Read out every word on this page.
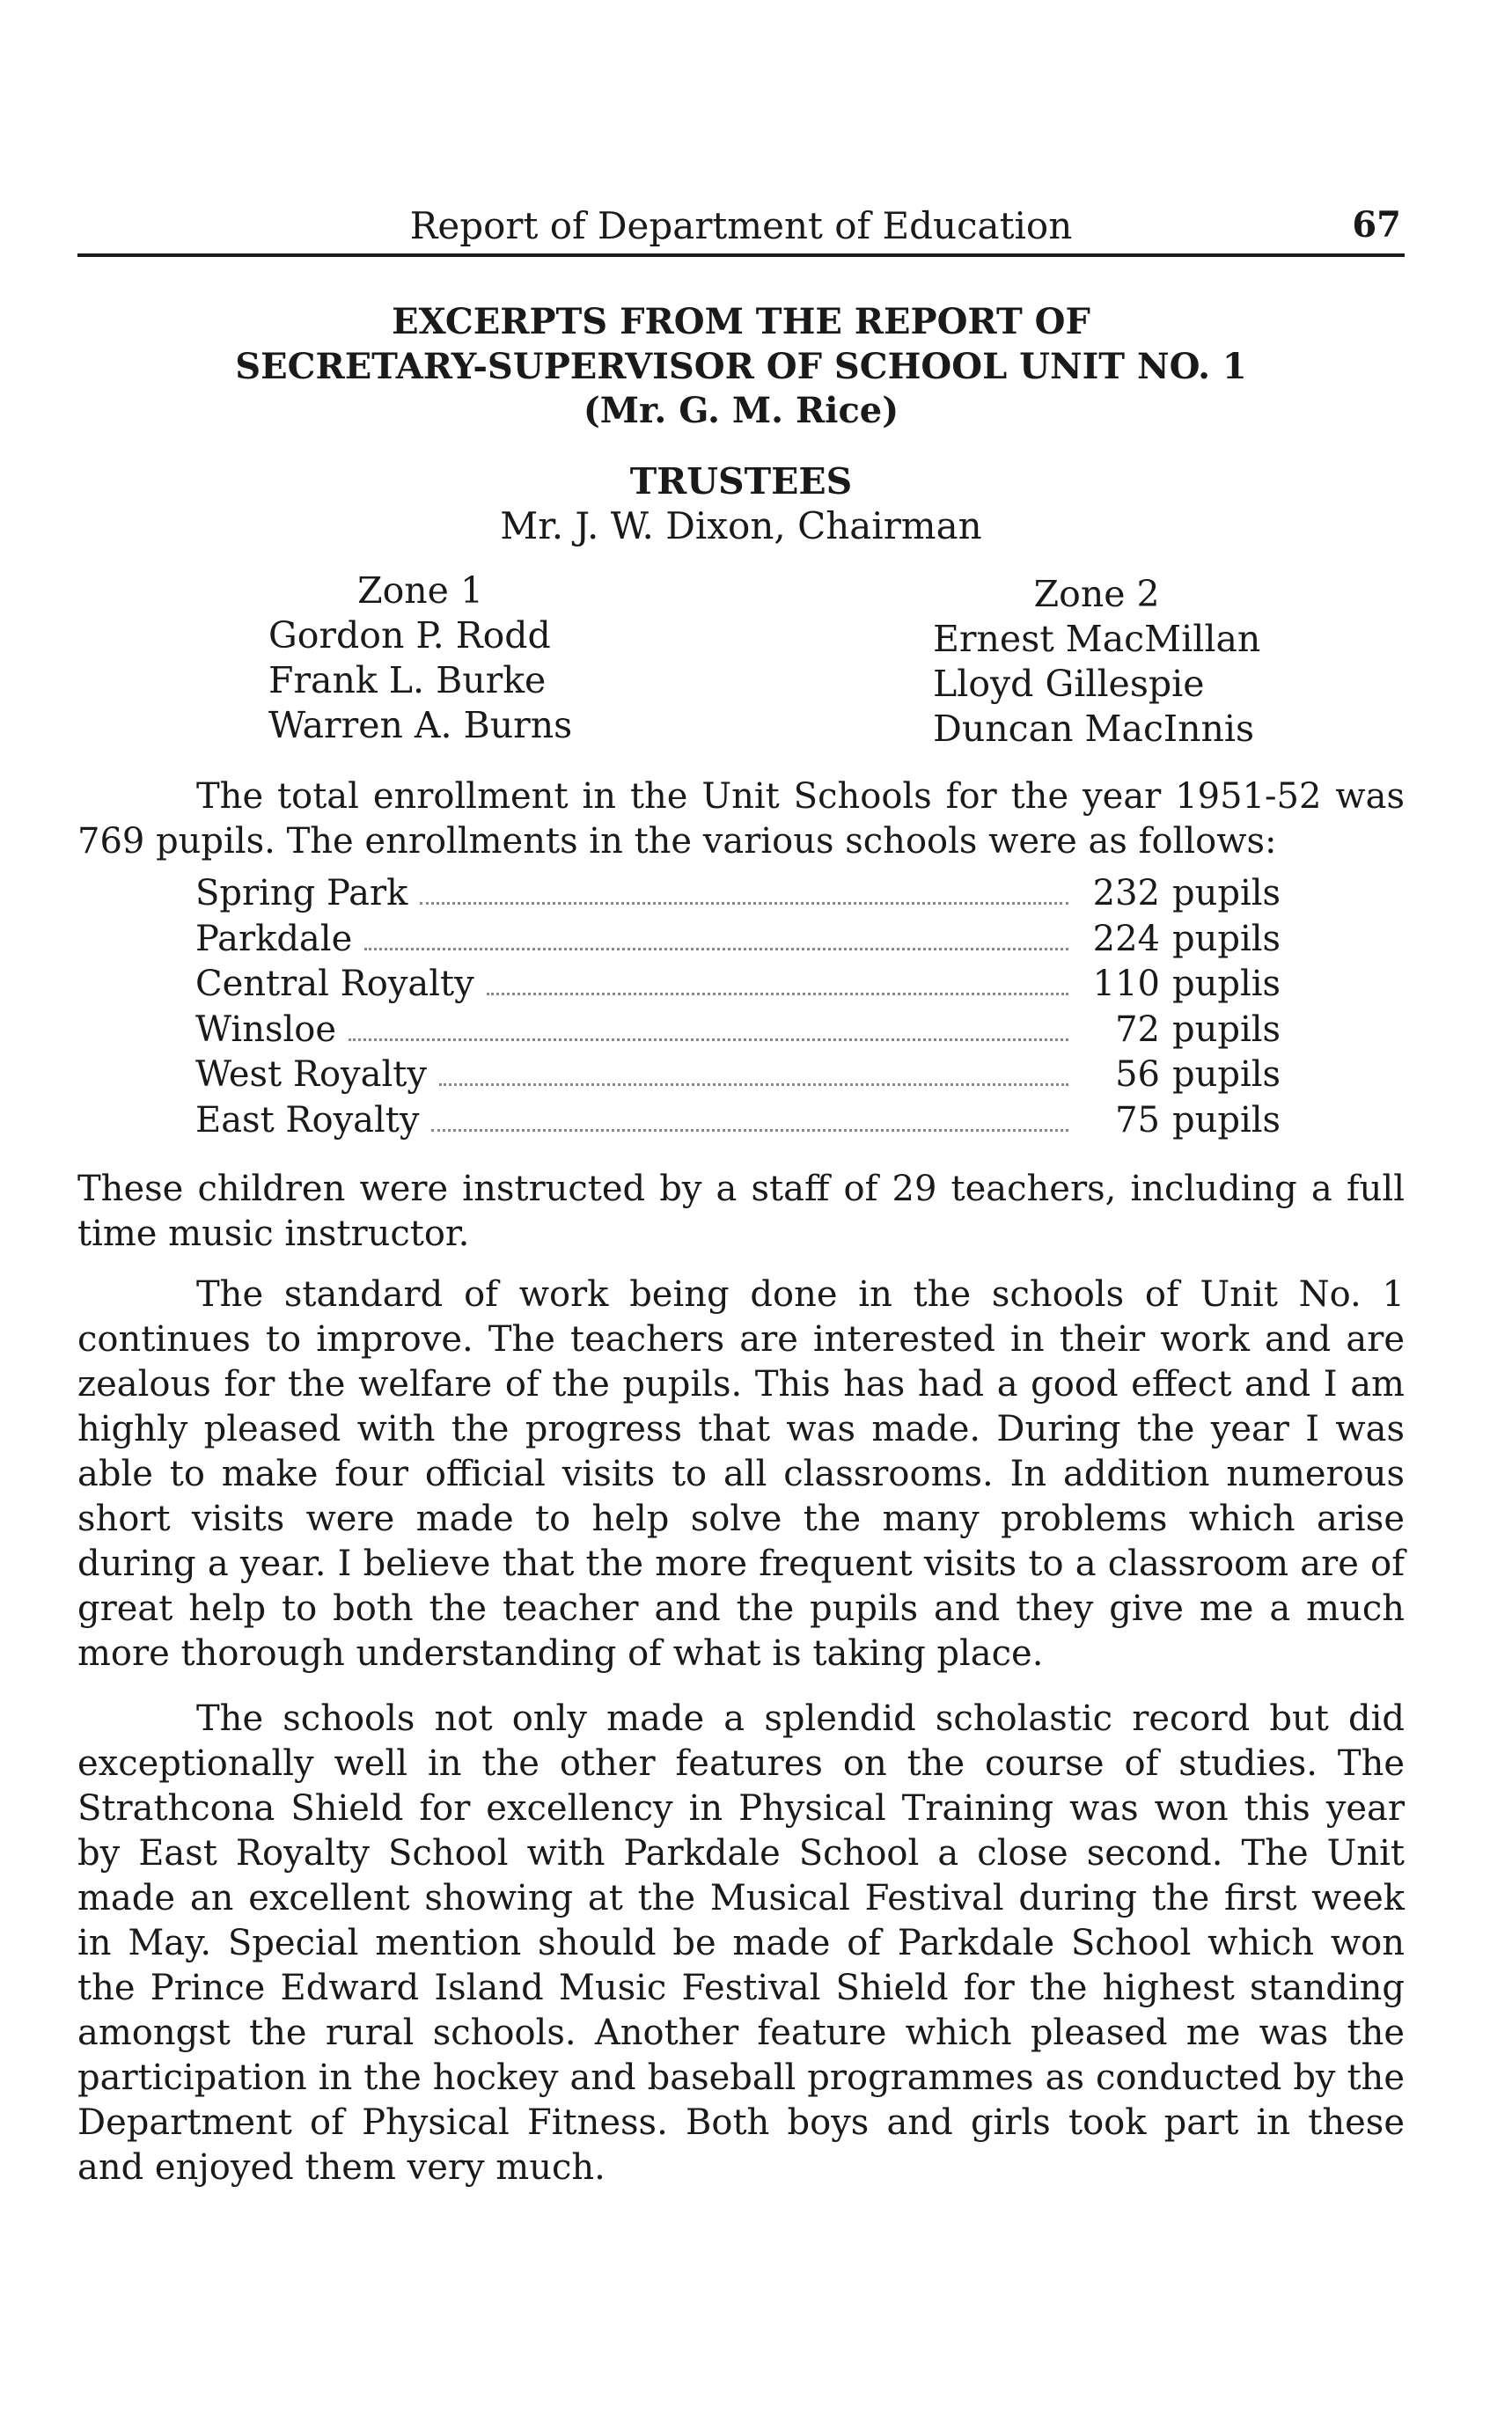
Report of Department of Education	67
EXCERPTS FROM THE REPORT OF
SECRETARY-SUPERVISOR OF SCHOOL UNIT NO. 1
(Mr. G. M. Rice)
TRUSTEES
Mr. J. W. Dixon, Chairman
Zone 1
Gordon P. Rodd
Frank L. Burke
Warren A. Burns
Zone 2
Ernest MacMillan
Lloyd Gillespie
Duncan MacInnis

The total enrollment in the Unit Schools for the year 1951-52 was 769 pupils. The enrollments in the various schools were as follows:

Spring Park	232 pupils
Parkdale	224 pupils
Central Royalty	110 puplis
Winsloe	72 pupils
West Royalty	56 pupils
East Royalty	75 pupils

These children were instructed by a staff of 29 teachers, including a full time music instructor.

The standard of work being done in the schools of Unit No. 1 continues to improve. The teachers are interested in their work and are zealous for the welfare of the pupils. This has had a good effect and I am highly pleased with the progress that was made. During the year I was able to make four official visits to all classrooms. In addition numerous short visits were made to help solve the many problems which arise during a year. I believe that the more frequent visits to a classroom are of great help to both the teacher and the pupils and they give me a much more thorough understanding of what is taking place.

The schools not only made a splendid scholastic record but did exceptionally well in the other features on the course of studies. The Strathcona Shield for excellency in Physical Training was won this year by East Royalty School with Parkdale School a close second. The Unit made an excellent showing at the Musical Festival during the first week in May. Special mention should be made of Parkdale School which won the Prince Edward Island Music Festival Shield for the highest standing amongst the rural schools. Another feature which pleased me was the participation in the hockey and baseball programmes as conducted by the Department of Physical Fitness. Both boys and girls took part in these and enjoyed them very much.
